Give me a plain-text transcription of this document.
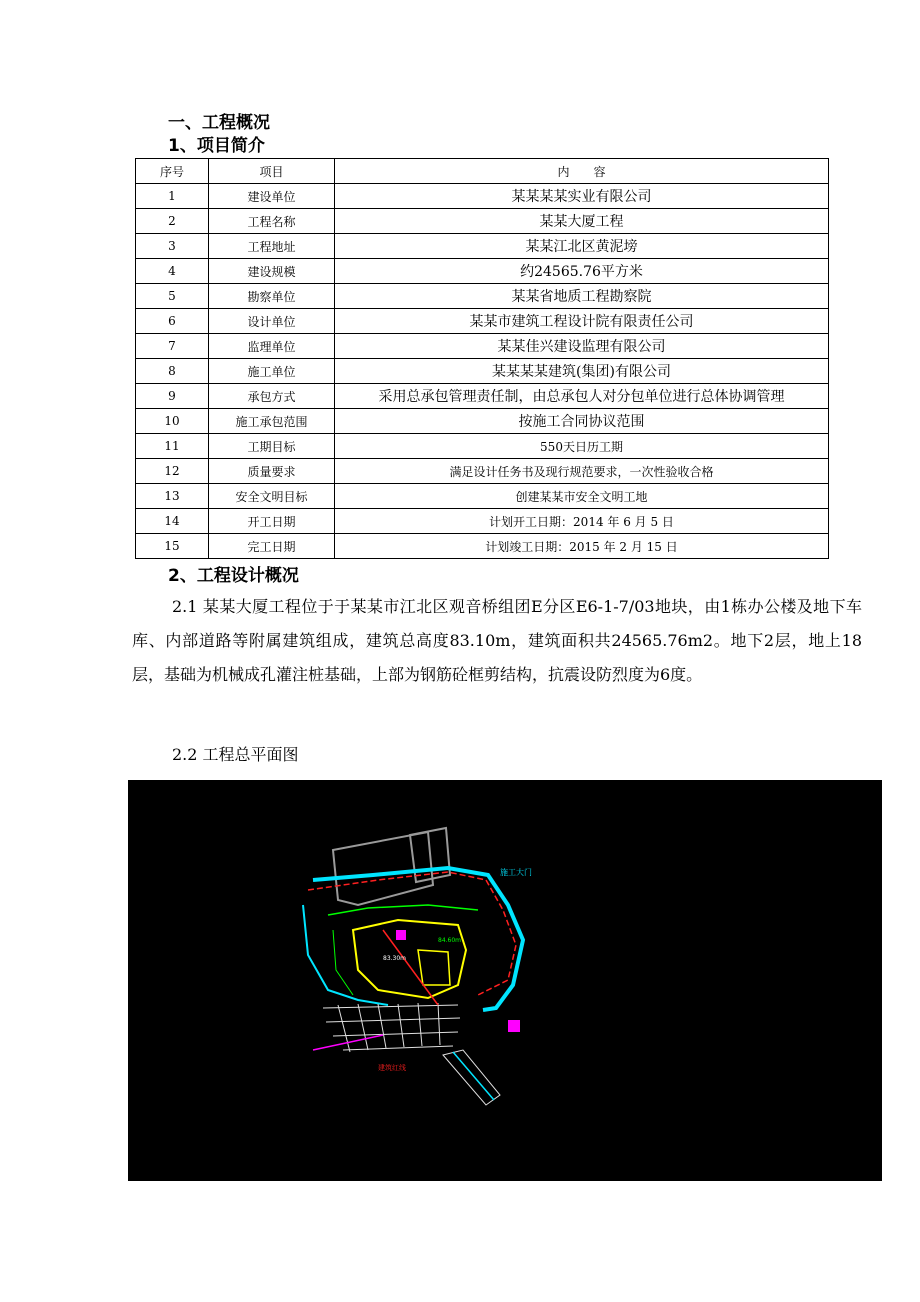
一、工程概况
1、项目简介
序号	项目	内　　容
1	建设单位	某某某某实业有限公司
2	工程名称	某某大厦工程
3	工程地址	某某江北区黄泥塝
4	建设规模	约24565.76平方米
5	勘察单位	某某省地质工程勘察院
6	设计单位	某某市建筑工程设计院有限责任公司
7	监理单位	某某佳兴建设监理有限公司
8	施工单位	某某某某建筑(集团)有限公司
9	承包方式	采用总承包管理责任制，由总承包人对分包单位进行总体协调管理
10	施工承包范围	按施工合同协议范围
11	工期目标	550天日历工期
12	质量要求	满足设计任务书及现行规范要求，一次性验收合格
13	安全文明目标	创建某某市安全文明工地
14	开工日期	计划开工日期：2014 年 6 月 5 日
15	完工日期	计划竣工日期：2015 年 2 月 15 日
2、工程设计概况
2.1 某某大厦工程位于于某某市江北区观音桥组团E分区E6-1-7/03地块，由1栋办公楼及地下车库、内部道路等附属建筑组成，建筑总高度83.10m，建筑面积共24565.76m2。地下2层，地上18层，基础为机械成孔灌注桩基础，上部为钢筋砼框剪结构，抗震设防烈度为6度。
2.2 工程总平面图
施工大门
83.30m
84.60m
建筑红线
